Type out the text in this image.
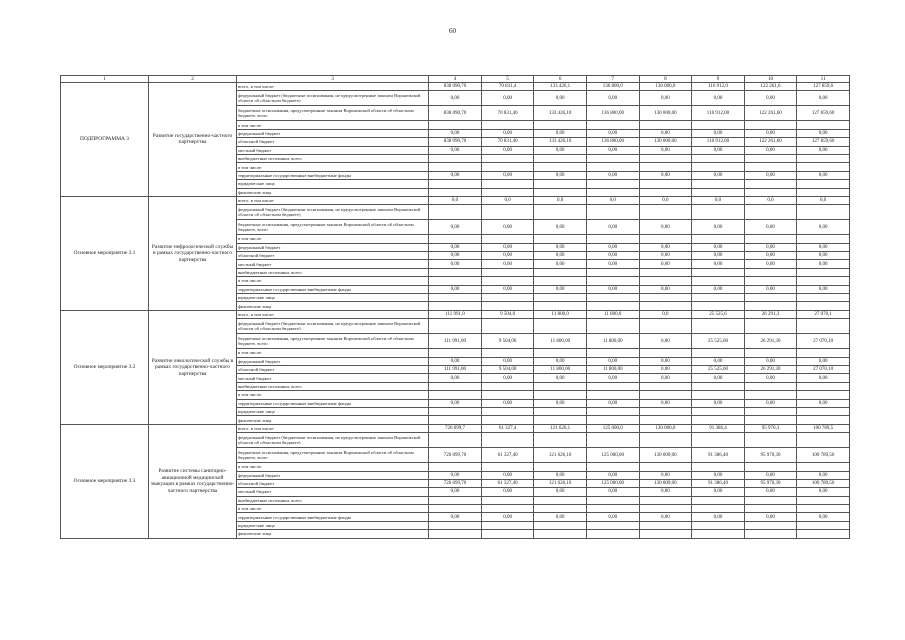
60
1	2	3	4	5	6	7	8	9	10	11
ПОДПРОГРАММА 3	Развитие государственно-частного партнерства	всего, в том числе:	838 090,70	70 831,4	133 426,1	136 800,0	130 000,0	116 912,0	122 261,6	127 859,6
		федеральный бюджет (бюджетные ассигнования, не предусмотренные законом Воронежской области об областном бюджете)	0,00	0,00	0,00	0,00	0,00	0,00	0,00	0,00
		бюджетные ассигнования, предусмотренные законом Воронежской области об областном бюджете, всего	838 090,70	70 831,40	133 426,10	136 800,00	130 000,00	116 912,00	122 261,60	127 859,60
		в том числе:								
		федеральный бюджет	0,00	0,00	0,00	0,00	0,00	0,00	0,00	0,00
		областной бюджет	838 090,70	70 831,40	133 426,10	136 800,00	130 000,00	116 912,00	122 261,60	127 859,60
		местный бюджет	0,00	0,00	0,00	0,00	0,00	0,00	0,00	0,00
		внебюджетные источники, всего								
		в том числе:								
		территориальные государственные внебюджетные фонды	0,00	0,00	0,00	0,00	0,00	0,00	0,00	0,00
		юридические лица								
		физические лица								
Основное мероприятие 3.1	Развитие нефрологической службы в рамках государственно-частного партнерства	всего, в том числе:	0,0	0,0	0,0	0,0	0,0	0,0	0,0	0,0
		федеральный бюджет (бюджетные ассигнования, не предусмотренные законом Воронежской области об областном бюджете)								
		бюджетные ассигнования, предусмотренные законом Воронежской области об областном бюджете, всего	0,00	0,00	0,00	0,00	0,00	0,00	0,00	0,00
		в том числе:								
		федеральный бюджет	0,00	0,00	0,00	0,00	0,00	0,00	0,00	0,00
		областной бюджет	0,00	0,00	0,00	0,00	0,00	0,00	0,00	0,00
		местный бюджет	0,00	0,00	0,00	0,00	0,00	0,00	0,00	0,00
		внебюджетные источники, всего								
		в том числе:								
		территориальные государственные внебюджетные фонды	0,00	0,00	0,00	0,00	0,00	0,00	0,00	0,00
		юридические лица								
		физические лица								
Основное мероприятие 3.2	Развитие онкологической службы в рамках государственно-частного партнерства	всего, в том числе:	111 991,0	9 504,0	11 800,0	11 800,0	0,0	25 525,6	26 291,3	27 070,1
		федеральный бюджет (бюджетные ассигнования, не предусмотренные законом Воронежской области об областном бюджете)								
		бюджетные ассигнования, предусмотренные законом Воронежской области об областном бюджете, всего	111 991,00	9 504,00	11 800,00	11 800,00	0,00	25 525,60	26 291,30	27 070,10
		в том числе:								
		федеральный бюджет	0,00	0,00	0,00	0,00	0,00	0,00	0,00	0,00
		областной бюджет	111 991,00	9 504,00	11 800,00	11 800,00	0,00	25 525,60	26 291,30	27 070,10
		местный бюджет	0,00	0,00	0,00	0,00	0,00	0,00	0,00	0,00
		внебюджетные источники, всего								
		в том числе:								
		территориальные государственные внебюджетные фонды	0,00	0,00	0,00	0,00	0,00	0,00	0,00	0,00
		юридические лица								
		физические лица								
Основное мероприятие 3.3	Развитие системы санитарно-авиационной медицинской эвакуации в рамках государственно-частного партнерства	всего, в том числе:	726 099,7	61 327,4	121 626,1	125 000,0	130 000,0	91 386,4	95 970,3	100 789,5
		федеральный бюджет (бюджетные ассигнования, не предусмотренные законом Воронежской области об областном бюджете)								
		бюджетные ассигнования, предусмотренные законом Воронежской области об областном бюджете, всего	726 099,70	61 327,40	121 626,10	125 000,00	130 000,00	91 386,40	95 970,30	100 789,50
		в том числе:								
		федеральный бюджет	0,00	0,00	0,00	0,00	0,00	0,00	0,00	0,00
		областной бюджет	726 099,70	61 327,40	121 626,10	125 000,00	130 000,00	91 386,40	95 970,30	100 789,50
		местный бюджет	0,00	0,00	0,00	0,00	0,00	0,00	0,00	0,00
		внебюджетные источники, всего								
		в том числе:								
		территориальные государственные внебюджетные фонды	0,00	0,00	0,00	0,00	0,00	0,00	0,00	0,00
		юридические лица								
		физические лица								
